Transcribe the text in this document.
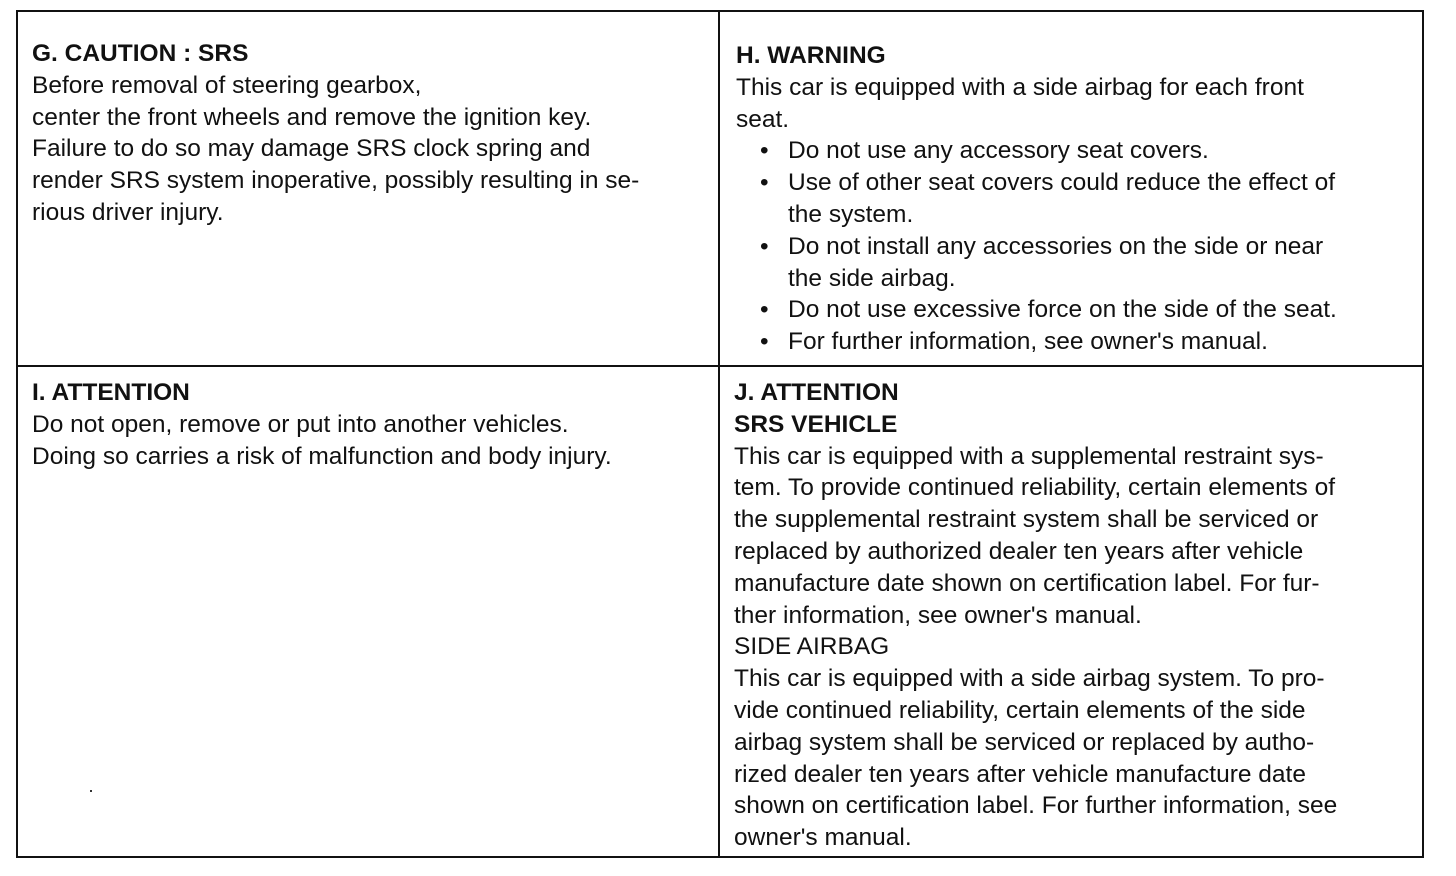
G. CAUTION : SRS

Before removal of steering gearbox,

center the front wheels and remove the ignition key.

Failure to do so may damage SRS clock spring and

render SRS system inoperative, possibly resulting in se-

rious driver injury.

H. WARNING

This car is equipped with a side airbag for each front

seat.

• Do not use any accessory seat covers.
• Use of other seat covers could reduce the effect of
the system.
• Do not install any accessories on the side or near
the side airbag.
• Do not use excessive force on the side of the seat.
• For further information, see owner's manual.

I. ATTENTION

Do not open, remove or put into another vehicles.

Doing so carries a risk of malfunction and body injury.

J. ATTENTION

SRS VEHICLE

This car is equipped with a supplemental restraint sys-

tem. To provide continued reliability, certain elements of

the supplemental restraint system shall be serviced or

replaced by authorized dealer ten years after vehicle

manufacture date shown on certification label. For fur-

ther information, see owner's manual.

SIDE AIRBAG

This car is equipped with a side airbag system. To pro-

vide continued reliability, certain elements of the side

airbag system shall be serviced or replaced by autho-

rized dealer ten years after vehicle manufacture date

shown on certification label. For further information, see

owner's manual.
